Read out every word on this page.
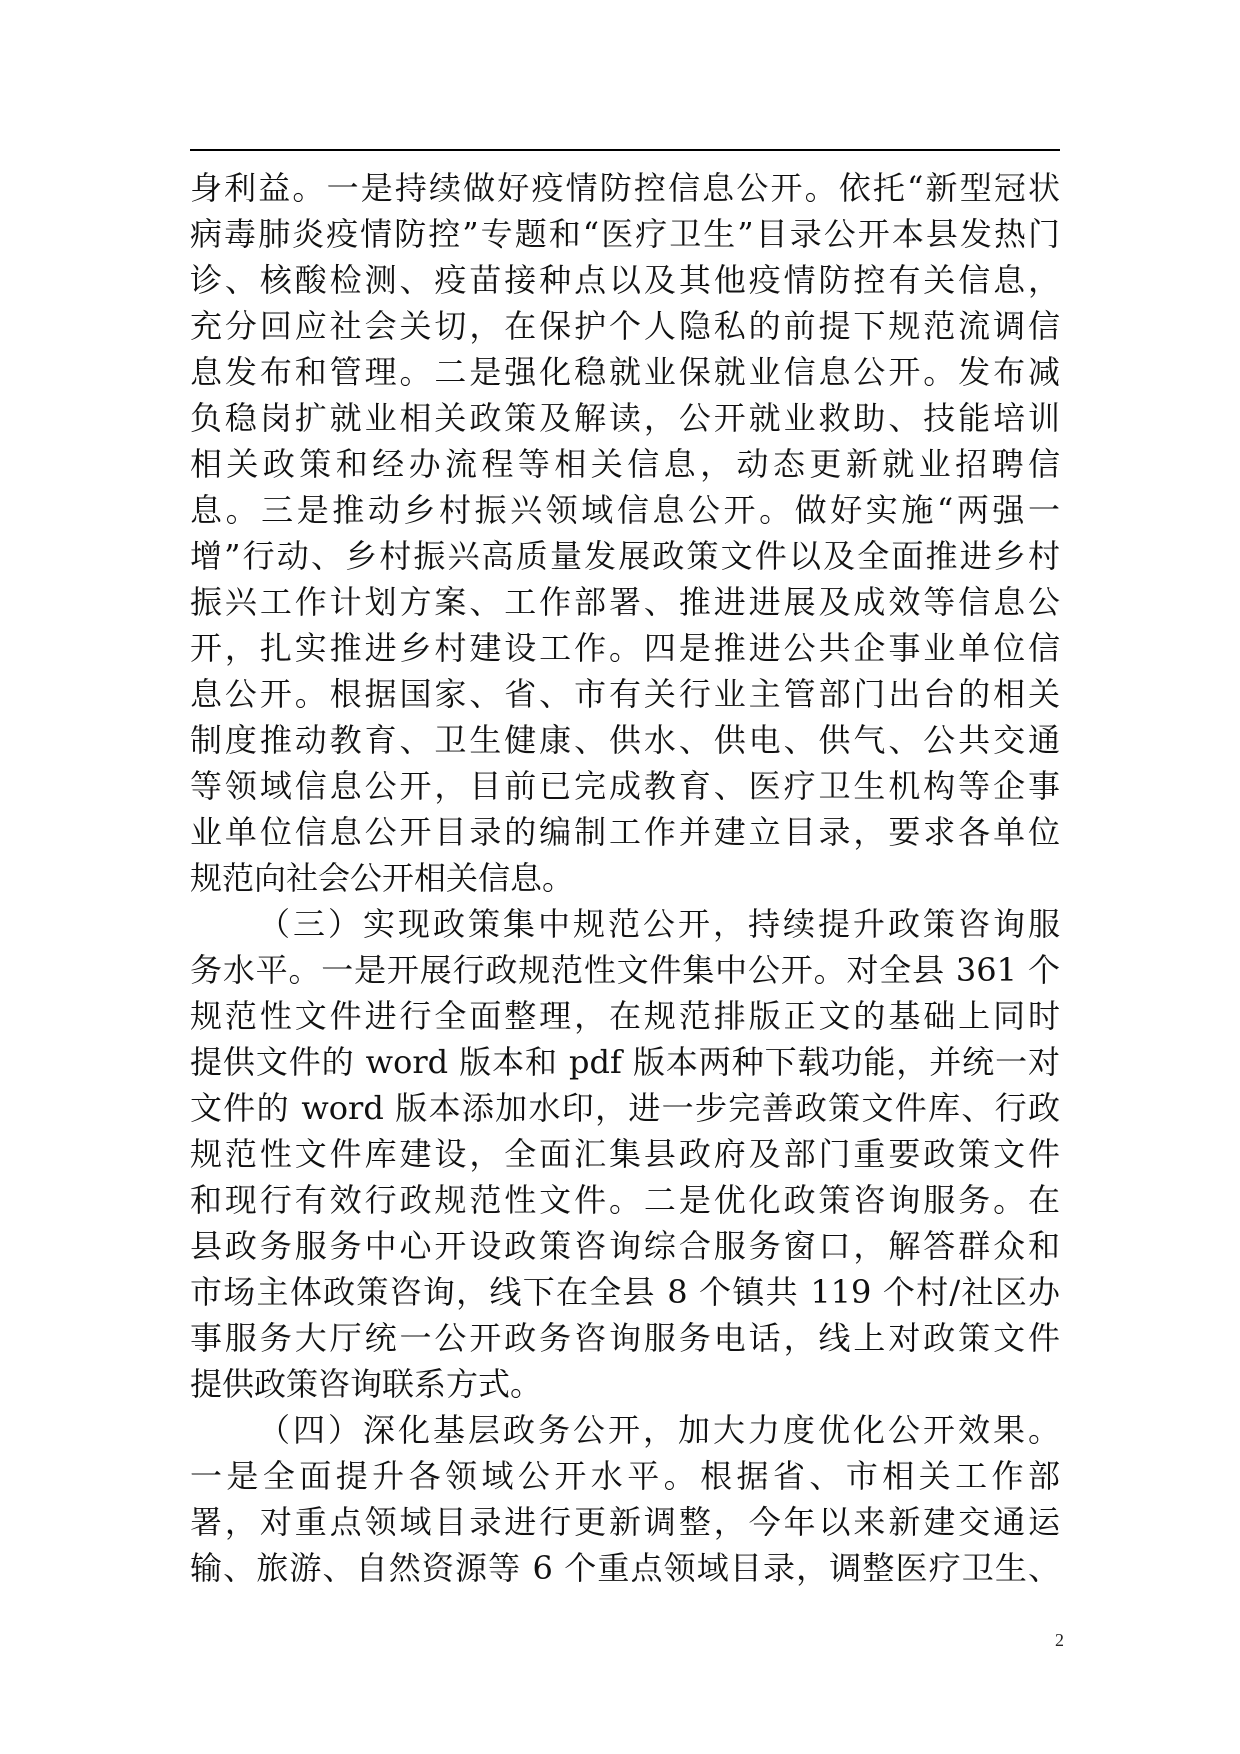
身利益。一是持续做好疫情防控信息公开。依托“新型冠状
病毒肺炎疫情防控”专题和“医疗卫生”目录公开本县发热门
诊、核酸检测、疫苗接种点以及其他疫情防控有关信息，
充分回应社会关切，在保护个人隐私的前提下规范流调信
息发布和管理。二是强化稳就业保就业信息公开。发布减
负稳岗扩就业相关政策及解读，公开就业救助、技能培训
相关政策和经办流程等相关信息，动态更新就业招聘信
息。三是推动乡村振兴领域信息公开。做好实施“两强一
增”行动、乡村振兴高质量发展政策文件以及全面推进乡村
振兴工作计划方案、工作部署、推进进展及成效等信息公
开，扎实推进乡村建设工作。四是推进公共企事业单位信
息公开。根据国家、省、市有关行业主管部门出台的相关
制度推动教育、卫生健康、供水、供电、供气、公共交通
等领域信息公开，目前已完成教育、医疗卫生机构等企事
业单位信息公开目录的编制工作并建立目录，要求各单位
规范向社会公开相关信息。
（三）实现政策集中规范公开，持续提升政策咨询服
务水平。一是开展行政规范性文件集中公开。对全县 361 个
规范性文件进行全面整理，在规范排版正文的基础上同时
提供文件的 word 版本和 pdf 版本两种下载功能，并统一对
文件的 word 版本添加水印，进一步完善政策文件库、行政
规范性文件库建设，全面汇集县政府及部门重要政策文件
和现行有效行政规范性文件。二是优化政策咨询服务。在
县政务服务中心开设政策咨询综合服务窗口，解答群众和
市场主体政策咨询，线下在全县 8 个镇共 119 个村/社区办
事服务大厅统一公开政务咨询服务电话，线上对政策文件
提供政策咨询联系方式。
（四）深化基层政务公开，加大力度优化公开效果。
一是全面提升各领域公开水平。根据省、市相关工作部
署，对重点领域目录进行更新调整，今年以来新建交通运
输、旅游、自然资源等 6 个重点领域目录，调整医疗卫生、
2
